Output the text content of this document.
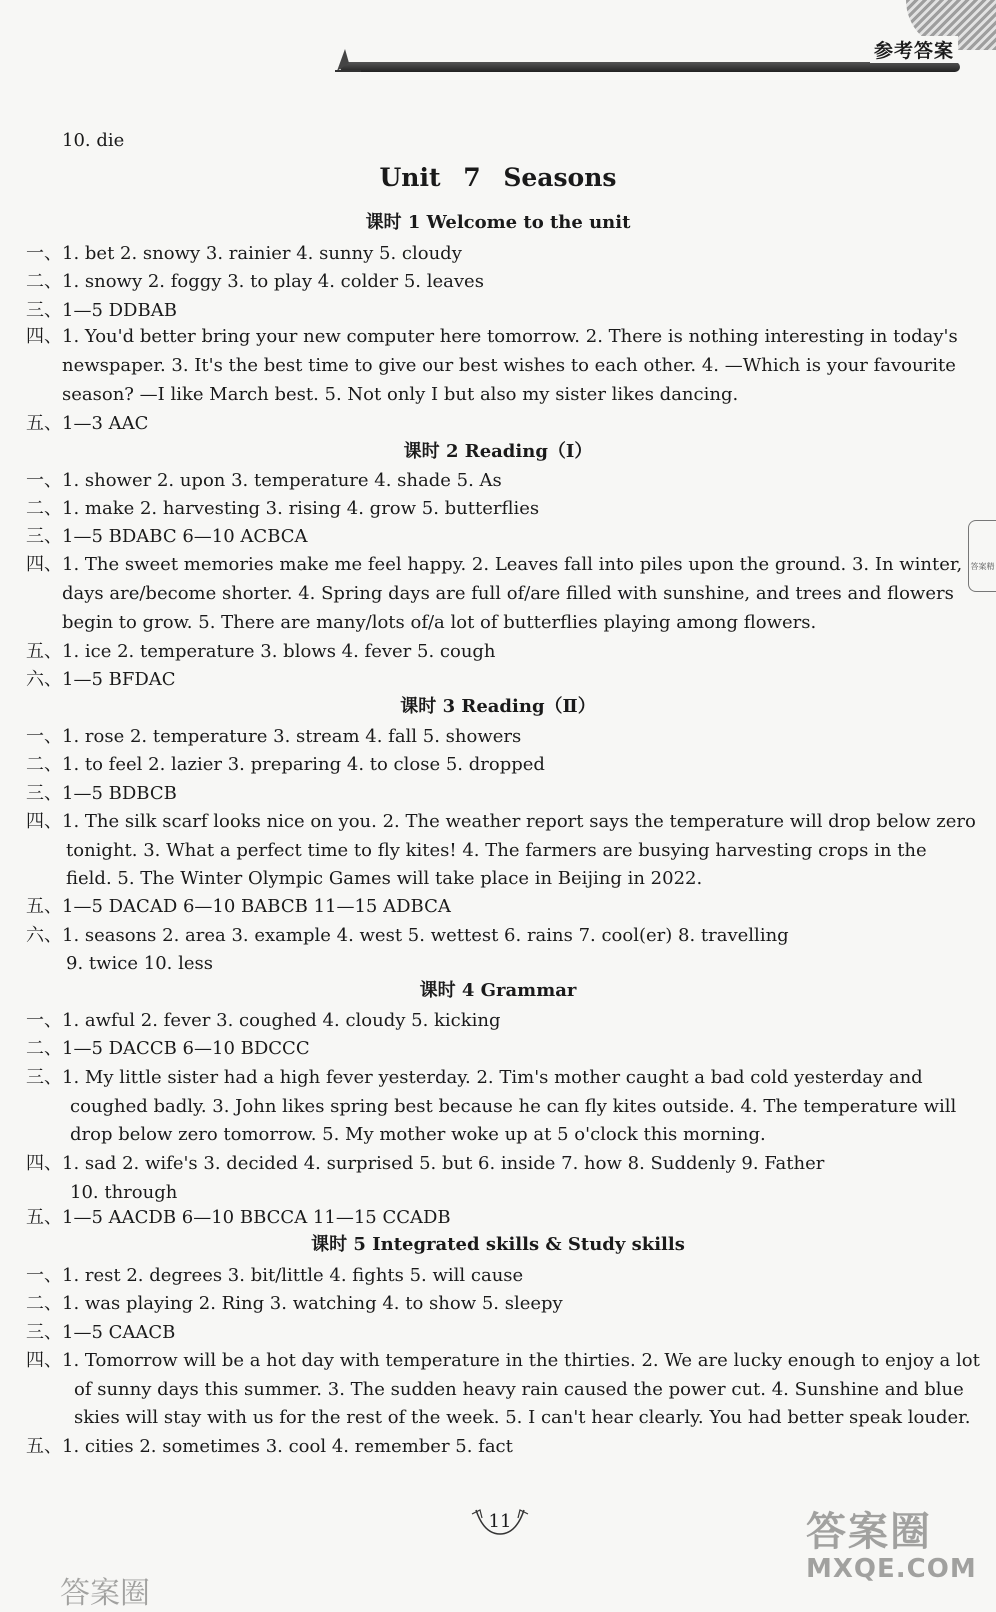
参考答案
10. die
Unit 7 Seasons
课时 1 Welcome to the unit
一、1. bet 2. snowy 3. rainier 4. sunny 5. cloudy
二、1. snowy 2. foggy 3. to play 4. colder 5. leaves
三、1—5 DDBAB
四、1. You'd better bring your new computer here tomorrow. 2. There is nothing interesting in today's
newspaper. 3. It's the best time to give our best wishes to each other. 4. —Which is your favourite
season? —I like March best. 5. Not only I but also my sister likes dancing.
五、1—3 AAC
课时 2 Reading（Ⅰ）
一、1. shower 2. upon 3. temperature 4. shade 5. As
二、1. make 2. harvesting 3. rising 4. grow 5. butterflies
三、1—5 BDABC 6—10 ACBCA
四、1. The sweet memories make me feel happy. 2. Leaves fall into piles upon the ground. 3. In winter,
days are/become shorter. 4. Spring days are full of/are filled with sunshine, and trees and flowers
begin to grow. 5. There are many/lots of/a lot of butterflies playing among flowers.
五、1. ice 2. temperature 3. blows 4. fever 5. cough
六、1—5 BFDAC
课时 3 Reading（Ⅱ）
一、1. rose 2. temperature 3. stream 4. fall 5. showers
二、1. to feel 2. lazier 3. preparing 4. to close 5. dropped
三、1—5 BDBCB
四、1. The silk scarf looks nice on you. 2. The weather report says the temperature will drop below zero
tonight. 3. What a perfect time to fly kites! 4. The farmers are busying harvesting crops in the
field. 5. The Winter Olympic Games will take place in Beijing in 2022.
五、1—5 DACAD 6—10 BABCB 11—15 ADBCA
六、1. seasons 2. area 3. example 4. west 5. wettest 6. rains 7. cool(er) 8. travelling
9. twice 10. less
课时 4 Grammar
一、1. awful 2. fever 3. coughed 4. cloudy 5. kicking
二、1—5 DACCB 6—10 BDCCC
三、1. My little sister had a high fever yesterday. 2. Tim's mother caught a bad cold yesterday and
coughed badly. 3. John likes spring best because he can fly kites outside. 4. The temperature will
drop below zero tomorrow. 5. My mother woke up at 5 o'clock this morning.
四、1. sad 2. wife's 3. decided 4. surprised 5. but 6. inside 7. how 8. Suddenly 9. Father
10. through
五、1—5 AACDB 6—10 BBCCA 11—15 CCADB
课时 5 Integrated skills & Study skills
一、1. rest 2. degrees 3. bit/little 4. fights 5. will cause
二、1. was playing 2. Ring 3. watching 4. to show 5. sleepy
三、1—5 CAACB
四、1. Tomorrow will be a hot day with temperature in the thirties. 2. We are lucky enough to enjoy a lot
of sunny days this summer. 3. The sudden heavy rain caused the power cut. 4. Sunshine and blue
skies will stay with us for the rest of the week. 5. I can't hear clearly. You had better speak louder.
五、1. cities 2. sometimes 3. cool 4. remember 5. fact
答案精
11	答案圈
MXQE.COM
答案圈
